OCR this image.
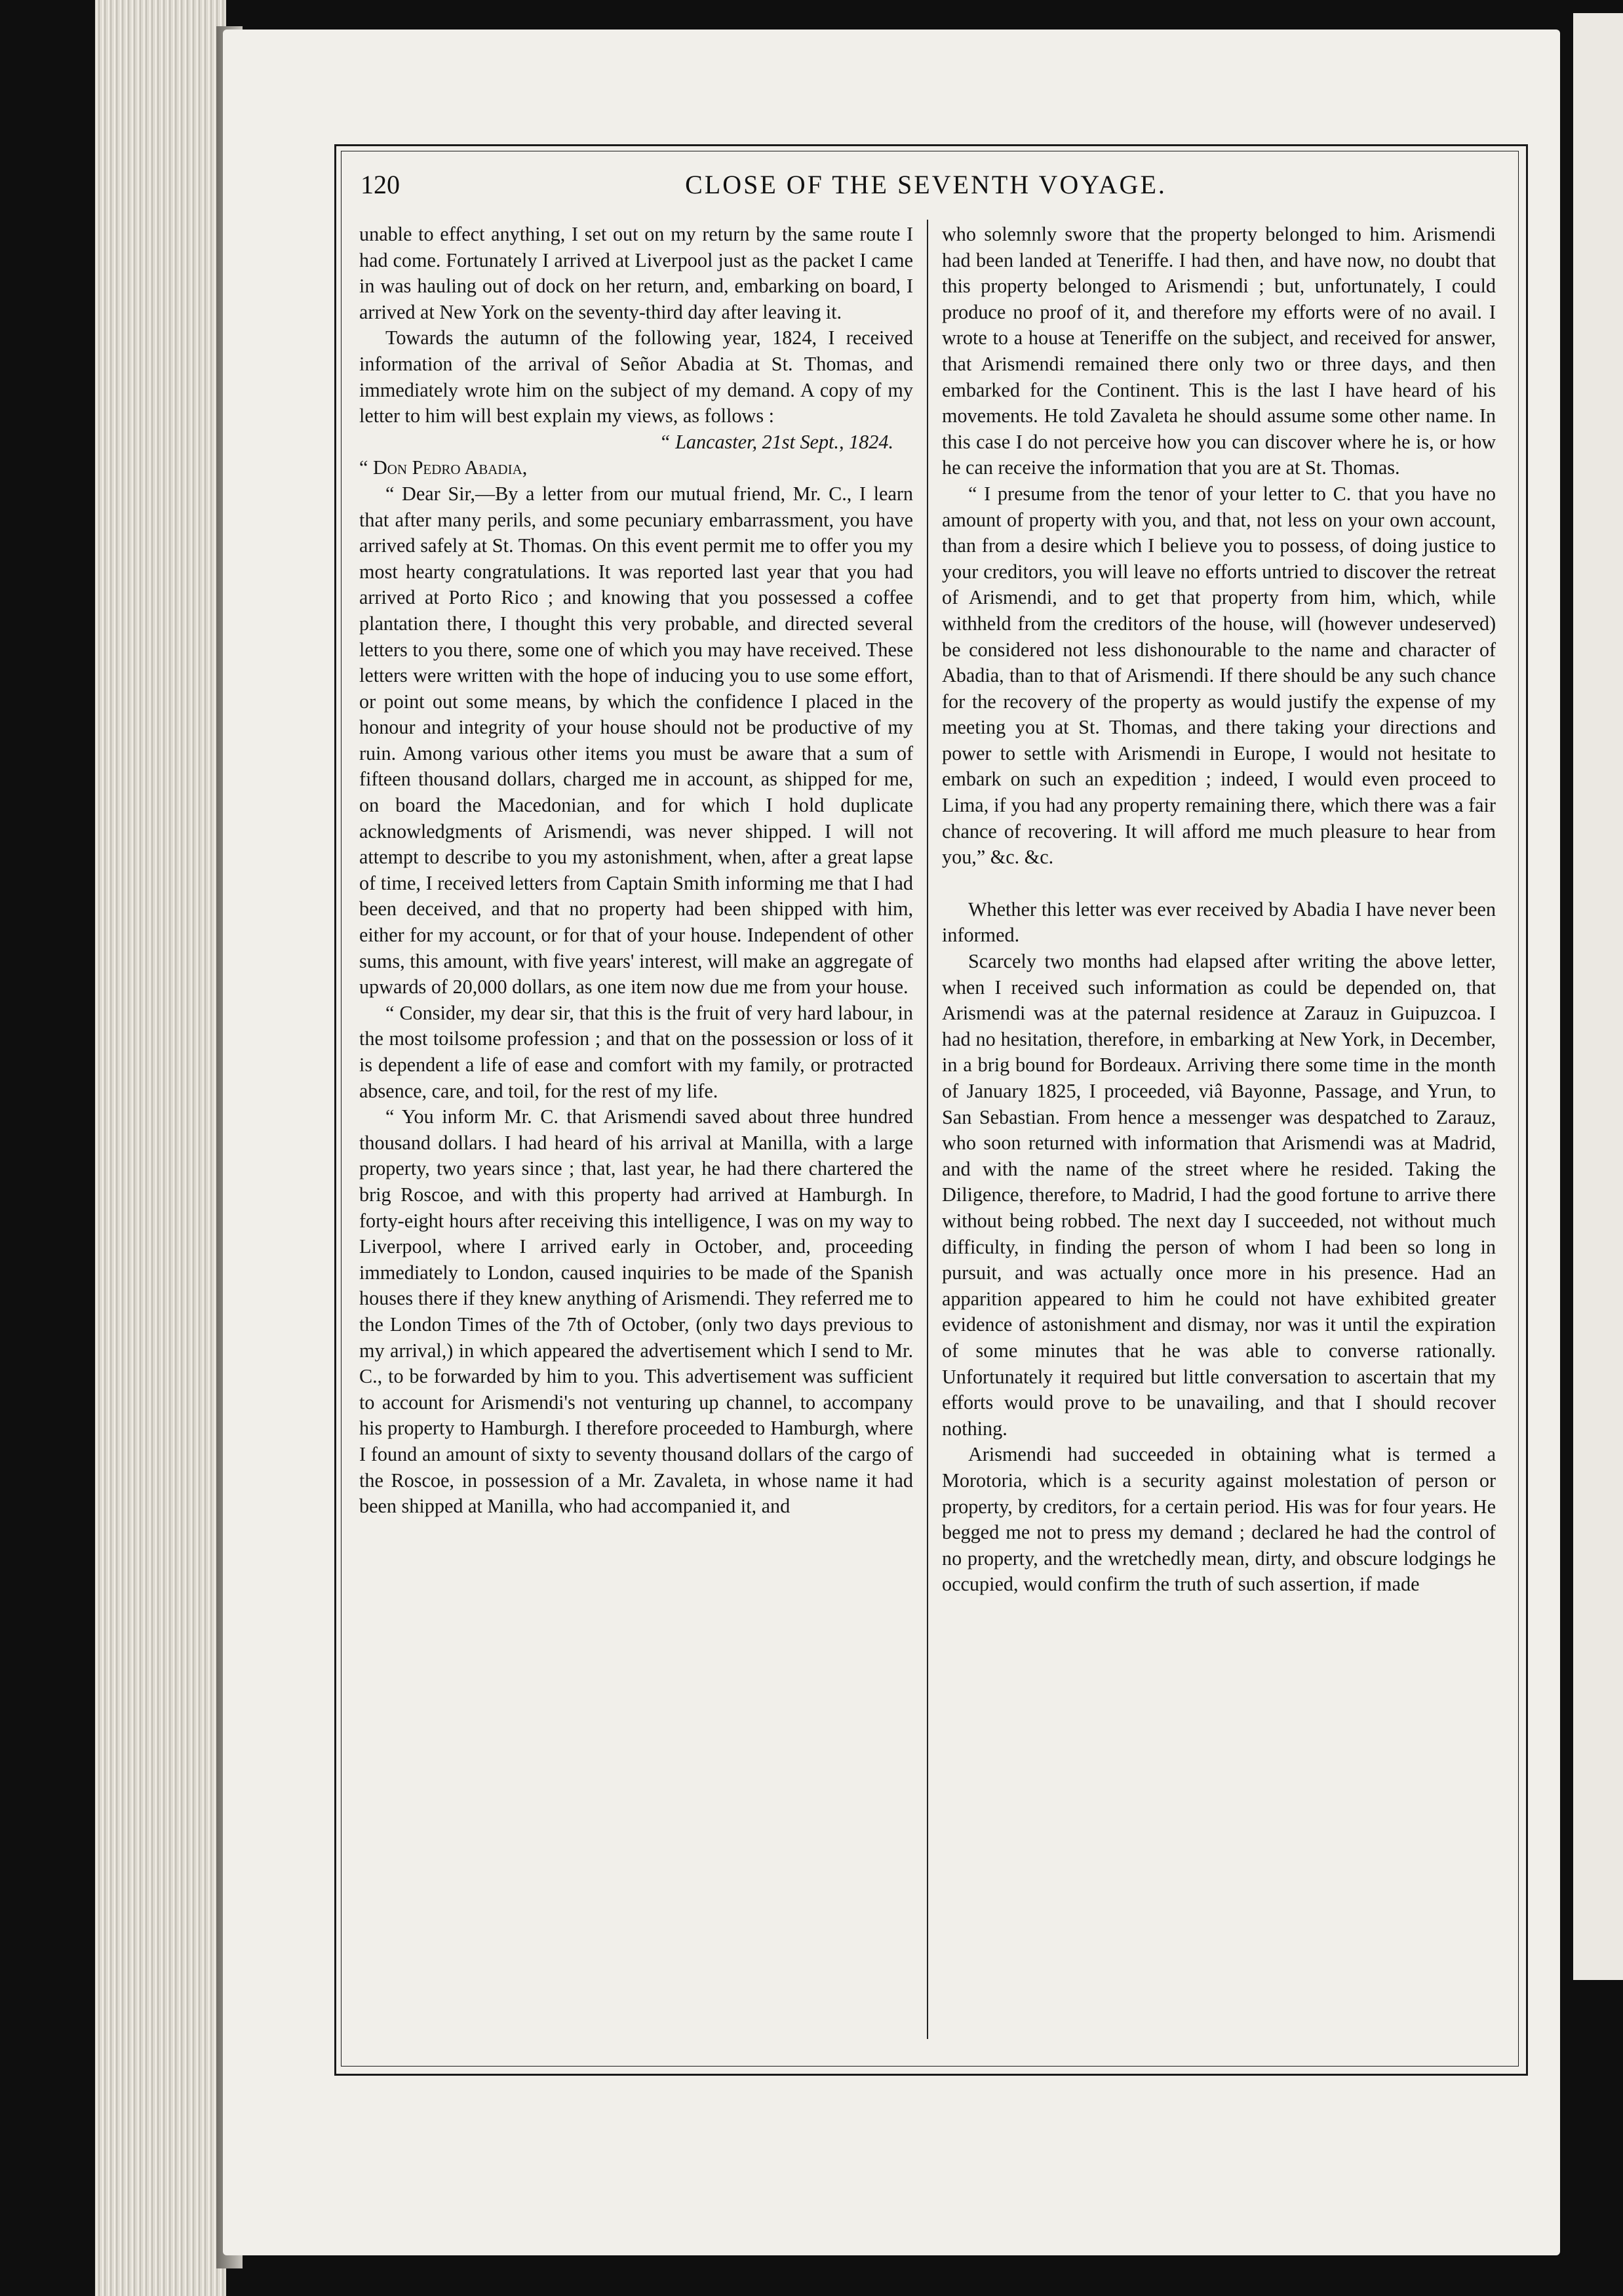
120	CLOSE OF THE SEVENTH VOYAGE.

unable to effect anything, I set out on my return by the same route I had come. Fortunately I arrived at Liverpool just as the packet I came in was hauling out of dock on her return, and, embarking on board, I arrived at New York on the seventy-third day after leaving it.

Towards the autumn of the following year, 1824, I received information of the arrival of Señor Abadia at St. Thomas, and immediately wrote him on the subject of my demand. A copy of my letter to him will best explain my views, as follows :

“ Lancaster, 21st Sept., 1824.

“ Don Pedro Abadia,

“ Dear Sir,—By a letter from our mutual friend, Mr. C., I learn that after many perils, and some pecuniary embarrassment, you have arrived safely at St. Thomas. On this event permit me to offer you my most hearty congratulations. It was reported last year that you had arrived at Porto Rico ; and knowing that you possessed a coffee plantation there, I thought this very probable, and directed several letters to you there, some one of which you may have received. These letters were written with the hope of inducing you to use some effort, or point out some means, by which the confidence I placed in the honour and integrity of your house should not be productive of my ruin. Among various other items you must be aware that a sum of fifteen thousand dollars, charged me in account, as shipped for me, on board the Macedonian, and for which I hold duplicate acknowledgments of Arismendi, was never shipped. I will not attempt to describe to you my astonishment, when, after a great lapse of time, I received letters from Captain Smith informing me that I had been deceived, and that no property had been shipped with him, either for my account, or for that of your house. Independent of other sums, this amount, with five years' interest, will make an aggregate of upwards of 20,000 dollars, as one item now due me from your house.

“ Consider, my dear sir, that this is the fruit of very hard labour, in the most toilsome profession ; and that on the possession or loss of it is dependent a life of ease and comfort with my family, or protracted absence, care, and toil, for the rest of my life.

“ You inform Mr. C. that Arismendi saved about three hundred thousand dollars. I had heard of his arrival at Manilla, with a large property, two years since ; that, last year, he had there chartered the brig Roscoe, and with this property had arrived at Hamburgh. In forty-eight hours after receiving this intelligence, I was on my way to Liverpool, where I arrived early in October, and, proceeding immediately to London, caused inquiries to be made of the Spanish houses there if they knew anything of Arismendi. They referred me to the London Times of the 7th of October, (only two days previous to my arrival,) in which appeared the advertisement which I send to Mr. C., to be forwarded by him to you. This advertisement was sufficient to account for Arismendi's not venturing up channel, to accompany his property to Hamburgh. I therefore proceeded to Hamburgh, where I found an amount of sixty to seventy thousand dollars of the cargo of the Roscoe, in possession of a Mr. Zavaleta, in whose name it had been shipped at Manilla, who had accompanied it, and

who solemnly swore that the property belonged to him. Arismendi had been landed at Teneriffe. I had then, and have now, no doubt that this property belonged to Arismendi ; but, unfortunately, I could produce no proof of it, and therefore my efforts were of no avail. I wrote to a house at Teneriffe on the subject, and received for answer, that Arismendi remained there only two or three days, and then embarked for the Continent. This is the last I have heard of his movements. He told Zavaleta he should assume some other name. In this case I do not perceive how you can discover where he is, or how he can receive the information that you are at St. Thomas.

“ I presume from the tenor of your letter to C. that you have no amount of property with you, and that, not less on your own account, than from a desire which I believe you to possess, of doing justice to your creditors, you will leave no efforts untried to discover the retreat of Arismendi, and to get that property from him, which, while withheld from the creditors of the house, will (however undeserved) be considered not less dishonourable to the name and character of Abadia, than to that of Arismendi. If there should be any such chance for the recovery of the property as would justify the expense of my meeting you at St. Thomas, and there taking your directions and power to settle with Arismendi in Europe, I would not hesitate to embark on such an expedition ; indeed, I would even proceed to Lima, if you had any property remaining there, which there was a fair chance of recovering. It will afford me much pleasure to hear from you,” &c. &c.

Whether this letter was ever received by Abadia I have never been informed.

Scarcely two months had elapsed after writing the above letter, when I received such information as could be depended on, that Arismendi was at the paternal residence at Zarauz in Guipuzcoa. I had no hesitation, therefore, in embarking at New York, in December, in a brig bound for Bordeaux. Arriving there some time in the month of January 1825, I proceeded, viâ Bayonne, Passage, and Yrun, to San Sebastian. From hence a messenger was despatched to Zarauz, who soon returned with information that Arismendi was at Madrid, and with the name of the street where he resided. Taking the Diligence, therefore, to Madrid, I had the good fortune to arrive there without being robbed. The next day I succeeded, not without much difficulty, in finding the person of whom I had been so long in pursuit, and was actually once more in his presence. Had an apparition appeared to him he could not have exhibited greater evidence of astonishment and dismay, nor was it until the expiration of some minutes that he was able to converse rationally. Unfortunately it required but little conversation to ascertain that my efforts would prove to be unavailing, and that I should recover nothing.

Arismendi had succeeded in obtaining what is termed a Morotoria, which is a security against molestation of person or property, by creditors, for a certain period. His was for four years. He begged me not to press my demand ; declared he had the control of no property, and the wretchedly mean, dirty, and obscure lodgings he occupied, would confirm the truth of such assertion, if made
